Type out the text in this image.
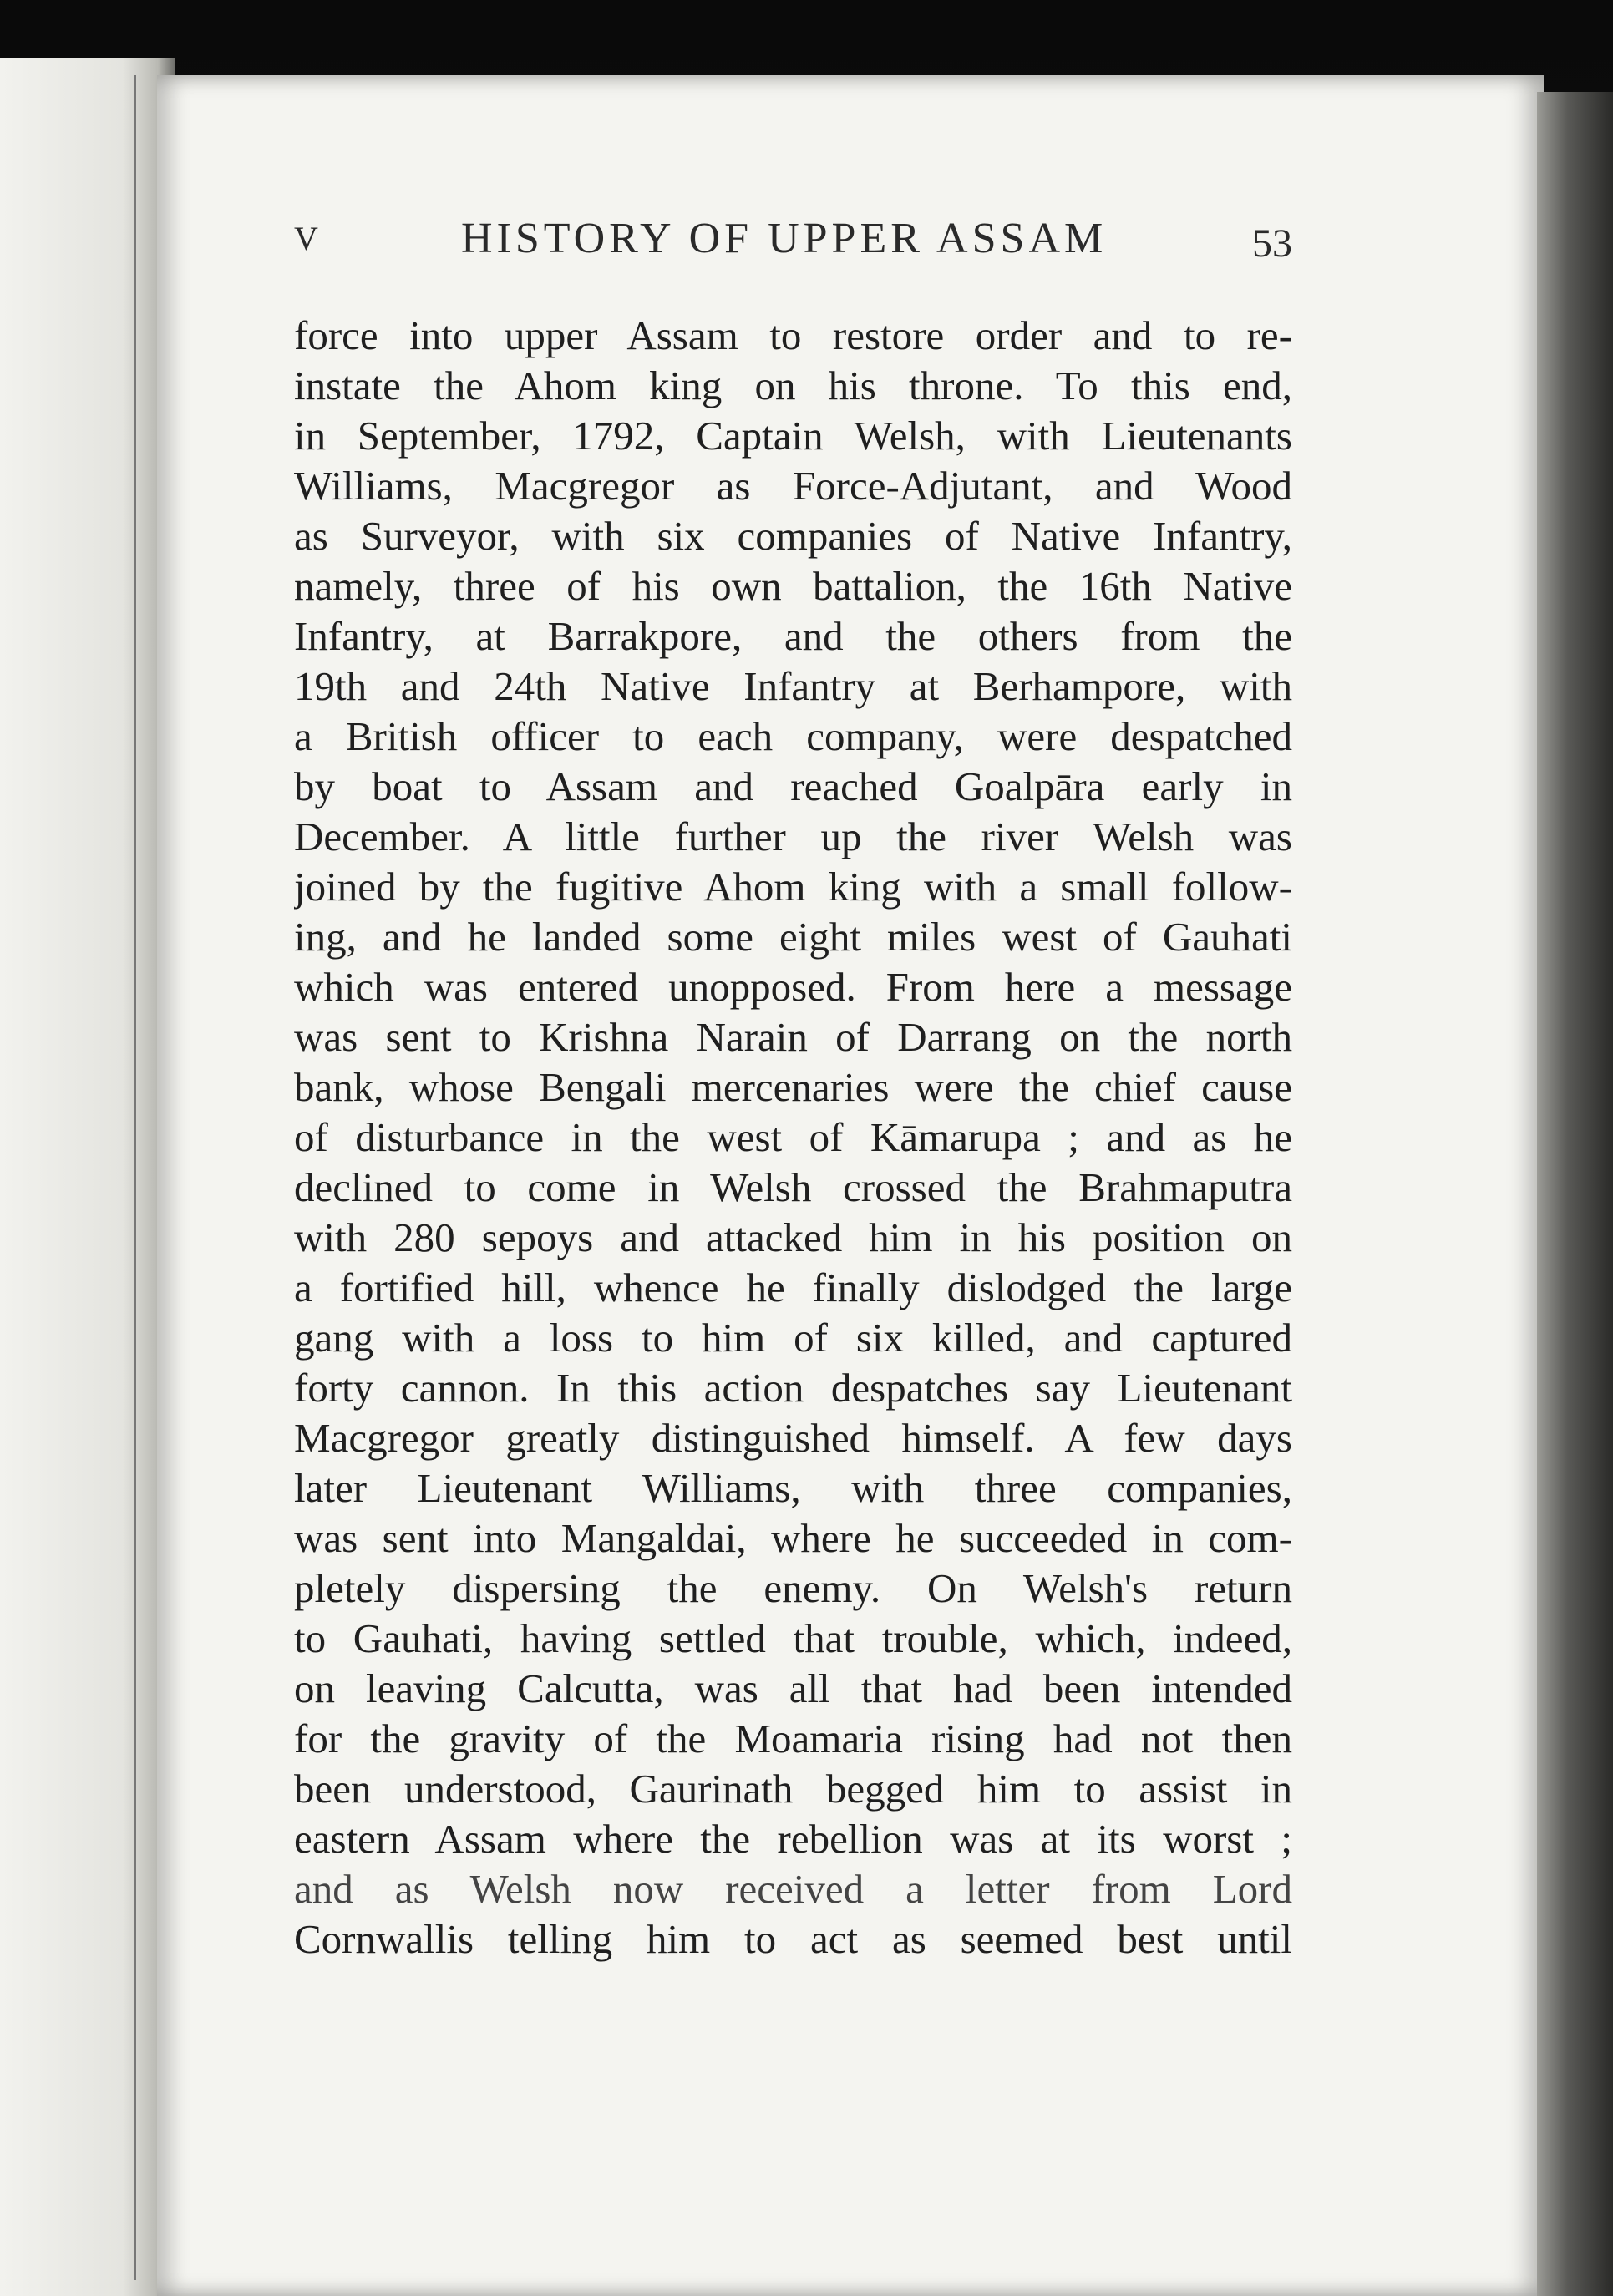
V	HISTORY OF UPPER ASSAM	53
force into upper Assam to restore order and to re-
instate the Ahom king on his throne. To this end,
in September, 1792, Captain Welsh, with Lieutenants
Williams, Macgregor as Force-Adjutant, and Wood
as Surveyor, with six companies of Native Infantry,
namely, three of his own battalion, the 16th Native
Infantry, at Barrakpore, and the others from the
19th and 24th Native Infantry at Berhampore, with
a British officer to each company, were despatched
by boat to Assam and reached Goalpāra early in
December. A little further up the river Welsh was
joined by the fugitive Ahom king with a small follow-
ing, and he landed some eight miles west of Gauhati
which was entered unopposed. From here a message
was sent to Krishna Narain of Darrang on the north
bank, whose Bengali mercenaries were the chief cause
of disturbance in the west of Kāmarupa ; and as he
declined to come in Welsh crossed the Brahmaputra
with 280 sepoys and attacked him in his position on
a fortified hill, whence he finally dislodged the large
gang with a loss to him of six killed, and captured
forty cannon. In this action despatches say Lieutenant
Macgregor greatly distinguished himself. A few days
later Lieutenant Williams, with three companies,
was sent into Mangaldai, where he succeeded in com-
pletely dispersing the enemy. On Welsh's return
to Gauhati, having settled that trouble, which, indeed,
on leaving Calcutta, was all that had been intended
for the gravity of the Moamaria rising had not then
been understood, Gaurinath begged him to assist in
eastern Assam where the rebellion was at its worst ;
and as Welsh now received a letter from Lord
Cornwallis telling him to act as seemed best until
